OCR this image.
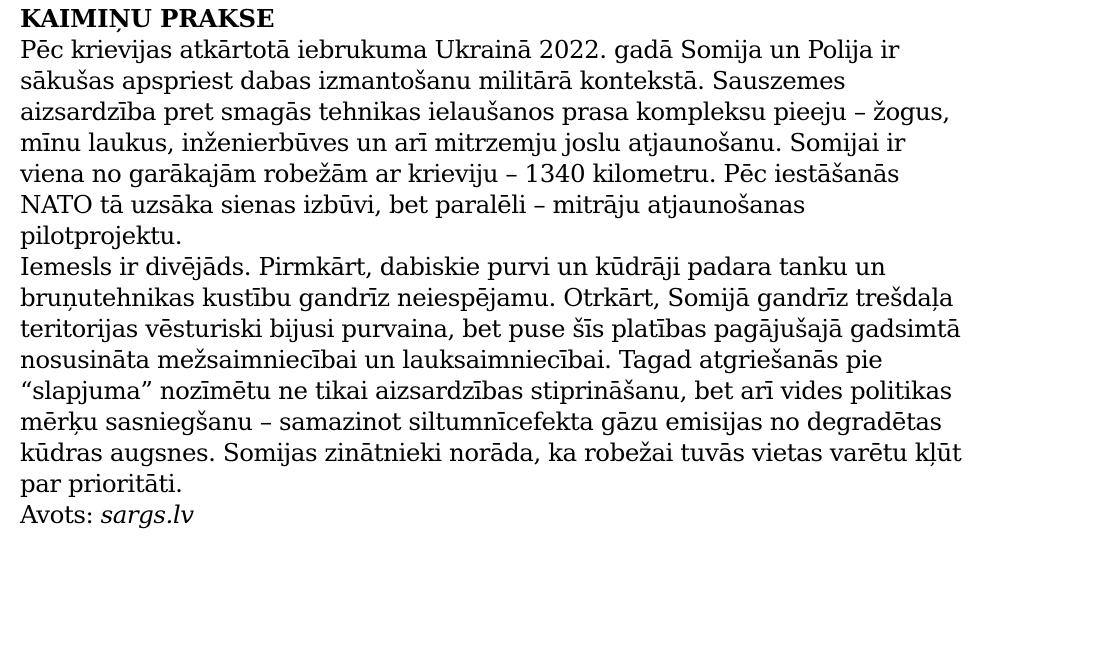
KAIMIŅU PRAKSE
Pēc krievijas atkārtotā iebrukuma Ukrainā 2022. gadā Somija un Polija ir
sākušas apspriest dabas izmantošanu militārā kontekstā. Sauszemes
aizsardzība pret smagās tehnikas ielaušanos prasa kompleksu pieeju – žogus,
mīnu laukus, inženierbūves un arī mitrzemju joslu atjaunošanu. Somijai ir
viena no garākajām robežām ar krieviju – 1340 kilometru. Pēc iestāšanās
NATO tā uzsāka sienas izbūvi, bet paralēli – mitrāju atjaunošanas
pilotprojektu.
Iemesls ir divējāds. Pirmkārt, dabiskie purvi un kūdrāji padara tanku un
bruņutehnikas kustību gandrīz neiespējamu. Otrkārt, Somijā gandrīz trešdaļa
teritorijas vēsturiski bijusi purvaina, bet puse šīs platības pagājušajā gadsimtā
nosusināta mežsaimniecībai un lauksaimniecībai. Tagad atgriešanās pie
“slapjuma” nozīmētu ne tikai aizsardzības stiprināšanu, bet arī vides politikas
mērķu sasniegšanu – samazinot siltumnīcefekta gāzu emisijas no degradētas
kūdras augsnes. Somijas zinātnieki norāda, ka robežai tuvās vietas varētu kļūt
par prioritāti.
Avots: sargs.lv
